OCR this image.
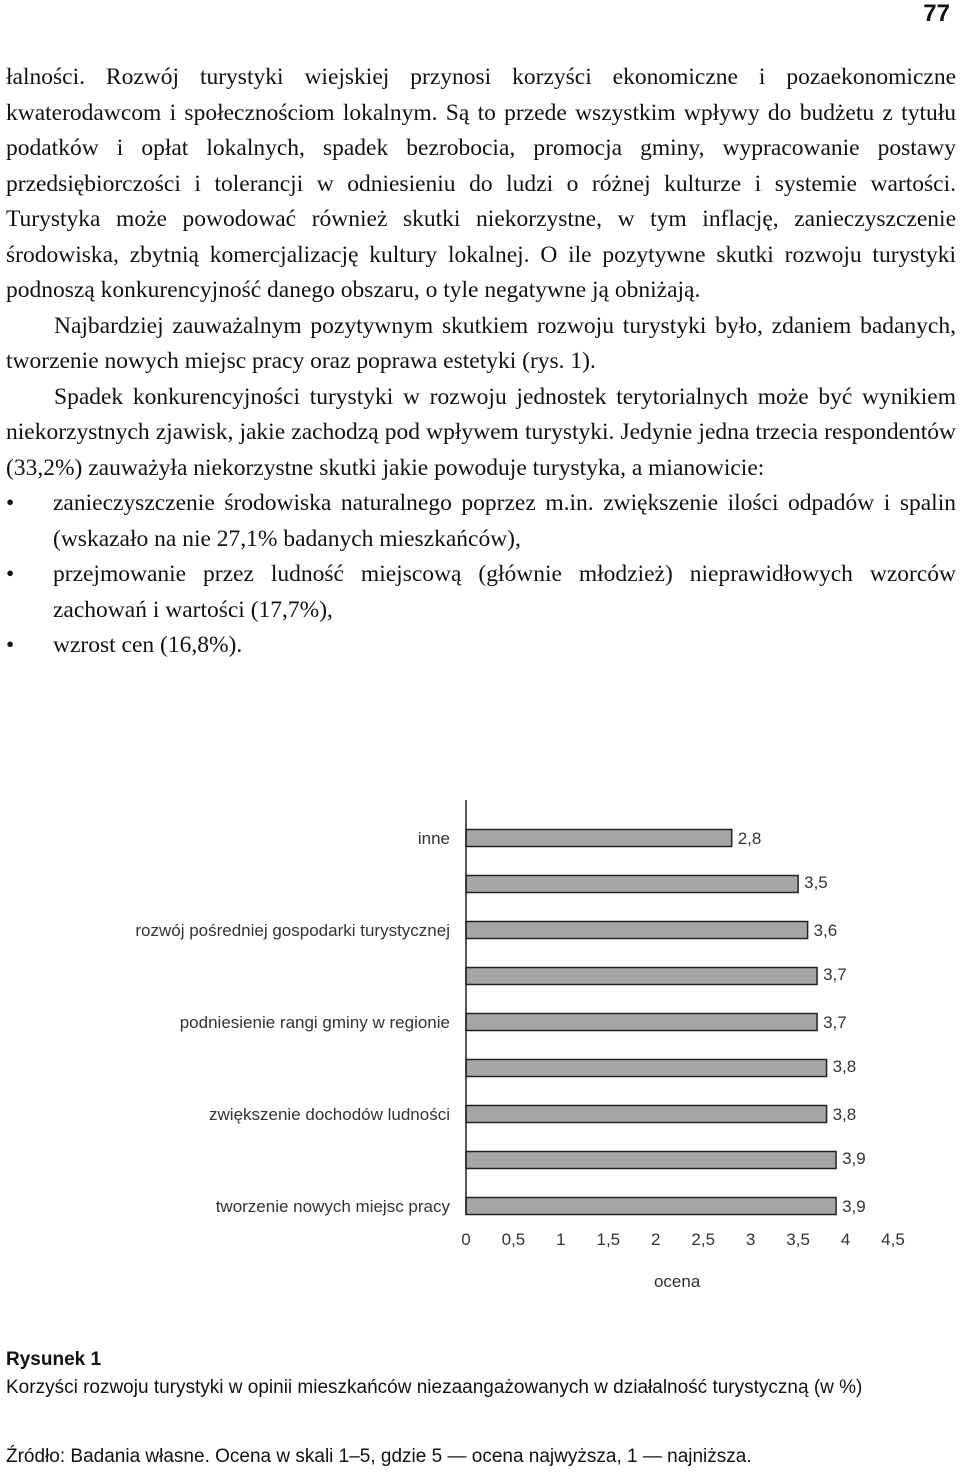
77

łalności. Rozwój turystyki wiejskiej przynosi korzyści ekonomiczne i pozaekonomiczne kwaterodawcom i społecznościom lokalnym. Są to przede wszystkim wpływy do budżetu z tytułu podatków i opłat lokalnych, spadek bezrobocia, promocja gminy, wypracowanie postawy przedsiębiorczości i tolerancji w odniesieniu do ludzi o różnej kulturze i systemie wartości. Turystyka może powodować również skutki niekorzystne, w tym inflację, zanieczyszczenie środowiska, zbytnią komercjalizację kultury lokalnej. O ile pozytywne skutki rozwoju turystyki podnoszą konkurencyjność danego obszaru, o tyle negatywne ją obniżają.

Najbardziej zauważalnym pozytywnym skutkiem rozwoju turystyki było, zdaniem badanych, tworzenie nowych miejsc pracy oraz poprawa estetyki (rys. 1).

Spadek konkurencyjności turystyki w rozwoju jednostek terytorialnych może być wynikiem niekorzystnych zjawisk, jakie zachodzą pod wpływem turystyki. Jedynie jedna trzecia respondentów (33,2%) zauważyła niekorzystne skutki jakie powoduje turystyka, a mianowicie:

• zanieczyszczenie środowiska naturalnego poprzez m.in. zwiększenie ilości odpadów i spalin (wskazało na nie 27,1% badanych mieszkańców),
• przejmowanie przez ludność miejscową (głównie młodzież) nieprawidłowych wzorców zachowań i wartości (17,7%),
• wzrost cen (16,8%).
2,8
inne
3,5
3,6
rozwój pośredniej gospodarki turystycznej
3,7
3,7
podniesienie rangi gminy w regionie
3,8
3,8
zwiększenie dochodów ludności
3,9
3,9
tworzenie nowych miejsc pracy
0 0,5 1 1,5 2 2,5 3 3,5 4 4,5
ocena
Rysunek 1
Korzyści rozwoju turystyki w opinii mieszkańców niezaangażowanych w działalność turystyczną (w %)
Źródło: Badania własne. Ocena w skali 1–5, gdzie 5 — ocena najwyższa, 1 — najniższa.
